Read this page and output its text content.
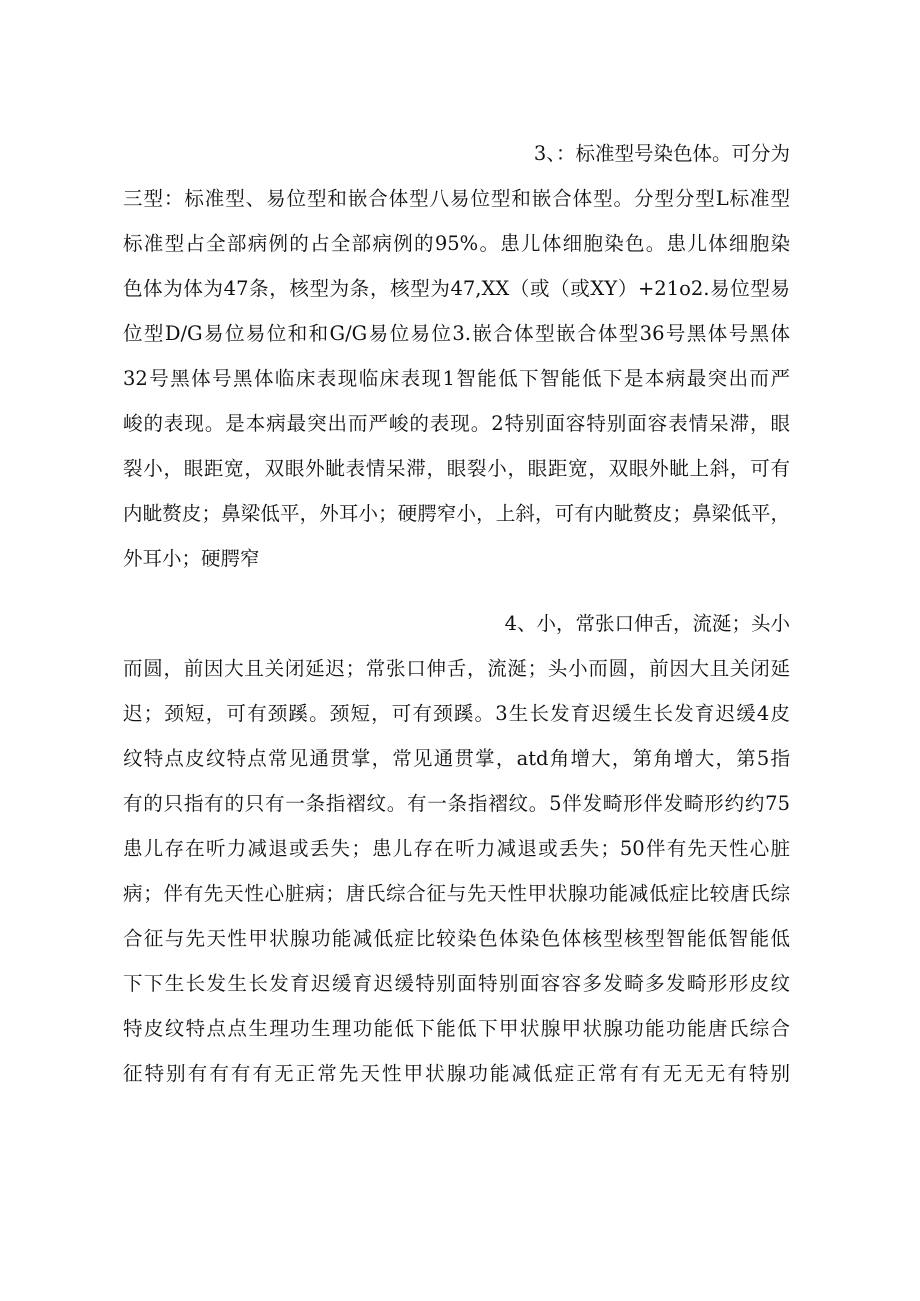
3、：标准型号染色体。可分为
三型：标准型、易位型和嵌合体型八易位型和嵌合体型。分型分型L标准型
标准型占全部病例的占全部病例的95%。患儿体细胞染色。患儿体细胞染
色体为体为47条，核型为条，核型为47,XX（或（或XY）+21o2.易位型易
位型D/G易位易位和和G/G易位易位3.嵌合体型嵌合体型36号黑体号黑体
32号黑体号黑体临床表现临床表现1智能低下智能低下是本病最突出而严
峻的表现。是本病最突出而严峻的表现。2特别面容特别面容表情呆滞，眼
裂小，眼距宽，双眼外眦表情呆滞，眼裂小，眼距宽，双眼外眦上斜，可有
内眦赘皮；鼻梁低平，外耳小；硬腭窄小，上斜，可有内眦赘皮；鼻梁低平，
外耳小；硬腭窄
4、小，常张口伸舌，流涎；头小
而圆，前因大且关闭延迟；常张口伸舌，流涎；头小而圆，前因大且关闭延
迟；颈短，可有颈蹊。颈短，可有颈蹊。3生长发育迟缓生长发育迟缓4皮
纹特点皮纹特点常见通贯掌，常见通贯掌，atd角增大，第角增大，第5指
有的只指有的只有一条指褶纹。有一条指褶纹。5伴发畸形伴发畸形约约75
患儿存在听力减退或丢失；患儿存在听力减退或丢失；50伴有先天性心脏
病；伴有先天性心脏病；唐氏综合征与先天性甲状腺功能减低症比较唐氏综
合征与先天性甲状腺功能减低症比较染色体染色体核型核型智能低智能低
下下生长发生长发育迟缓育迟缓特别面特别面容容多发畸多发畸形形皮纹
特皮纹特点点生理功生理功能低下能低下甲状腺甲状腺功能功能唐氏综合
征特别有有有有无正常先天性甲状腺功能减低症正常有有无无无有特别
